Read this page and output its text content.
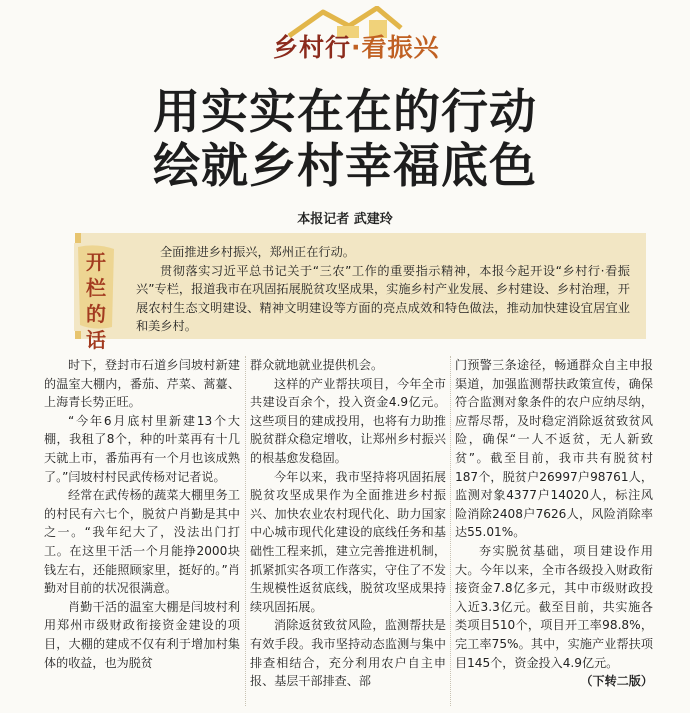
乡村行·看振兴
用实实在在的行动
绘就乡村幸福底色
本报记者 武建玲
开栏的话

全面推进乡村振兴，郑州正在行动。

贯彻落实习近平总书记关于“三农”工作的重要指示精神，本报今起开设“乡村行·看振兴”专栏，报道我市在巩固拓展脱贫攻坚成果，实施乡村产业发展、乡村建设、乡村治理，开展农村生态文明建设、精神文明建设等方面的亮点成效和特色做法，推动加快建设宜居宜业和美乡村。

时下，登封市石道乡闫坡村新建的温室大棚内，番茄、芹菜、蒿薹、上海青长势正旺。

“今年6月底村里新建13个大棚，我租了8个，种的叶菜再有十几天就上市，番茄再有一个月也该成熟了。”闫坡村村民武传杨对记者说。

经常在武传杨的蔬菜大棚里务工的村民有六七个，脱贫户肖勤是其中之一。“我年纪大了，没法出门打工。在这里干活一个月能挣2000块钱左右，还能照顾家里，挺好的。”肖勤对目前的状况很满意。

肖勤干活的温室大棚是闫坡村利用郑州市级财政衔接资金建设的项目，大棚的建成不仅有利于增加村集体的收益，也为脱贫

群众就地就业提供机会。

这样的产业帮扶项目，今年全市共建设百余个，投入资金4.9亿元。这些项目的建成投用，也将有力助推脱贫群众稳定增收，让郑州乡村振兴的根基愈发稳固。

今年以来，我市坚持将巩固拓展脱贫攻坚成果作为全面推进乡村振兴、加快农业农村现代化、助力国家中心城市现代化建设的底线任务和基础性工程来抓，建立完善推进机制，抓紧抓实各项工作落实，守住了不发生规模性返贫底线，脱贫攻坚成果持续巩固拓展。

消除返贫致贫风险，监测帮扶是有效手段。我市坚持动态监测与集中排查相结合，充分利用农户自主申报、基层干部排查、部

门预警三条途径，畅通群众自主申报渠道，加强监测帮扶政策宣传，确保符合监测对象条件的农户应纳尽纳，应帮尽帮，及时稳定消除返贫致贫风险，确保“一人不返贫，无人新致贫”。截至目前，我市共有脱贫村187个，脱贫户26997户98761人，监测对象4377户14020人，标注风险消除2408户7626人，风险消除率达55.01%。

夯实脱贫基础，项目建设作用大。今年以来，全市各级投入财政衔接资金7.8亿多元，其中市级财政投入近3.3亿元。截至目前，共实施各类项目510个，项目开工率98.8%，完工率75%。其中，实施产业帮扶项目145个，资金投入4.9亿元。
（下转二版）
